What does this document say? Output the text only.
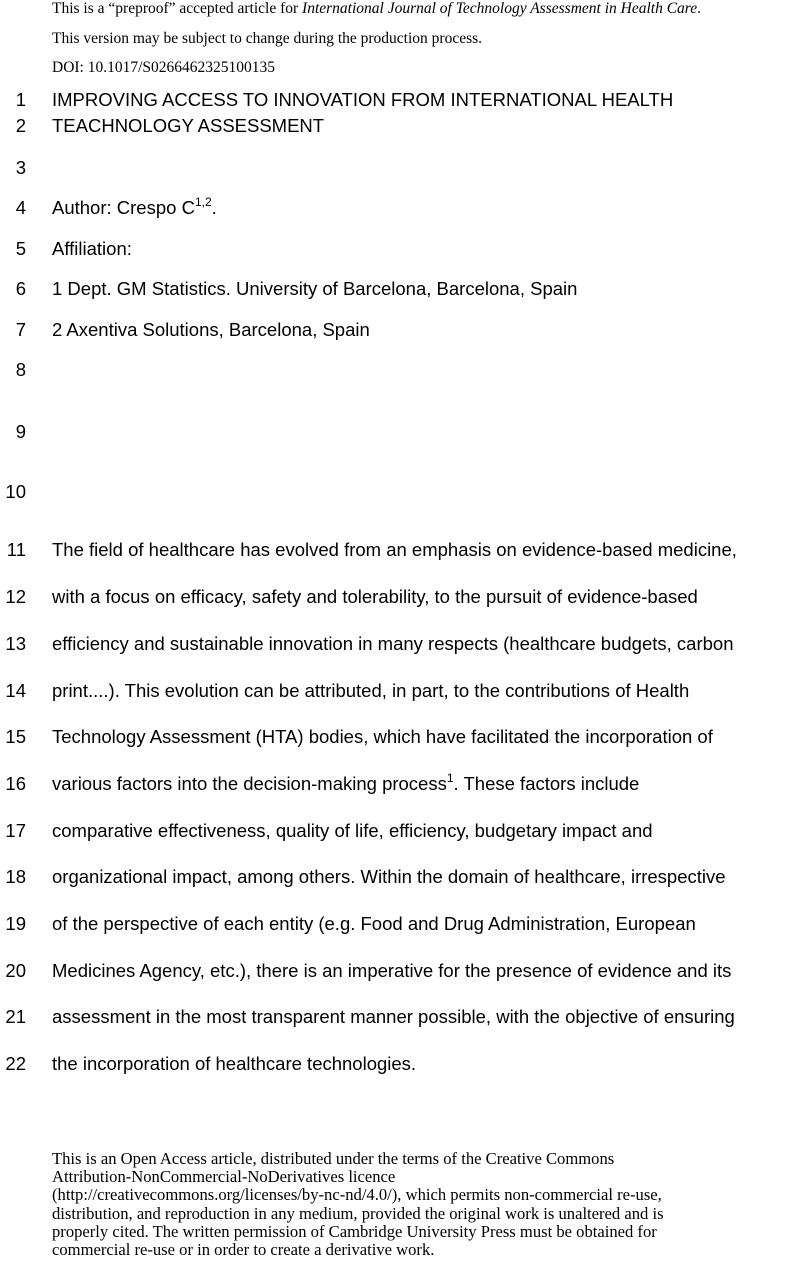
This is a “preproof” accepted article for International Journal of Technology Assessment in Health Care.
This version may be subject to change during the production process.
DOI: 10.1017/S0266462325100135
1
2
3
4
5
6
7
8
9
10
11
12
13
14
15
16
17
18
19
20
21
22
IMPROVING ACCESS TO INNOVATION FROM INTERNATIONAL HEALTH
TEACHNOLOGY ASSESSMENT
Author: Crespo C$^{1,2}$.
Affiliation:
1 Dept. GM Statistics. University of Barcelona, Barcelona, Spain
2 Axentiva Solutions, Barcelona, Spain
The field of healthcare has evolved from an emphasis on evidence-based medicine,
with a focus on efficacy, safety and tolerability, to the pursuit of evidence-based
efficiency and sustainable innovation in many respects (healthcare budgets, carbon
print....). This evolution can be attributed, in part, to the contributions of Health
Technology Assessment (HTA) bodies, which have facilitated the incorporation of
various factors into the decision-making process$^1$. These factors include
comparative effectiveness, quality of life, efficiency, budgetary impact and
organizational impact, among others. Within the domain of healthcare, irrespective
of the perspective of each entity (e.g. Food and Drug Administration, European
Medicines Agency, etc.), there is an imperative for the presence of evidence and its
assessment in the most transparent manner possible, with the objective of ensuring
the incorporation of healthcare technologies.
This is an Open Access article, distributed under the terms of the Creative Commons
Attribution-NonCommercial-NoDerivatives licence
(http://creativecommons.org/licenses/by-nc-nd/4.0/), which permits non-commercial re-use,
distribution, and reproduction in any medium, provided the original work is unaltered and is
properly cited. The written permission of Cambridge University Press must be obtained for
commercial re-use or in order to create a derivative work.
